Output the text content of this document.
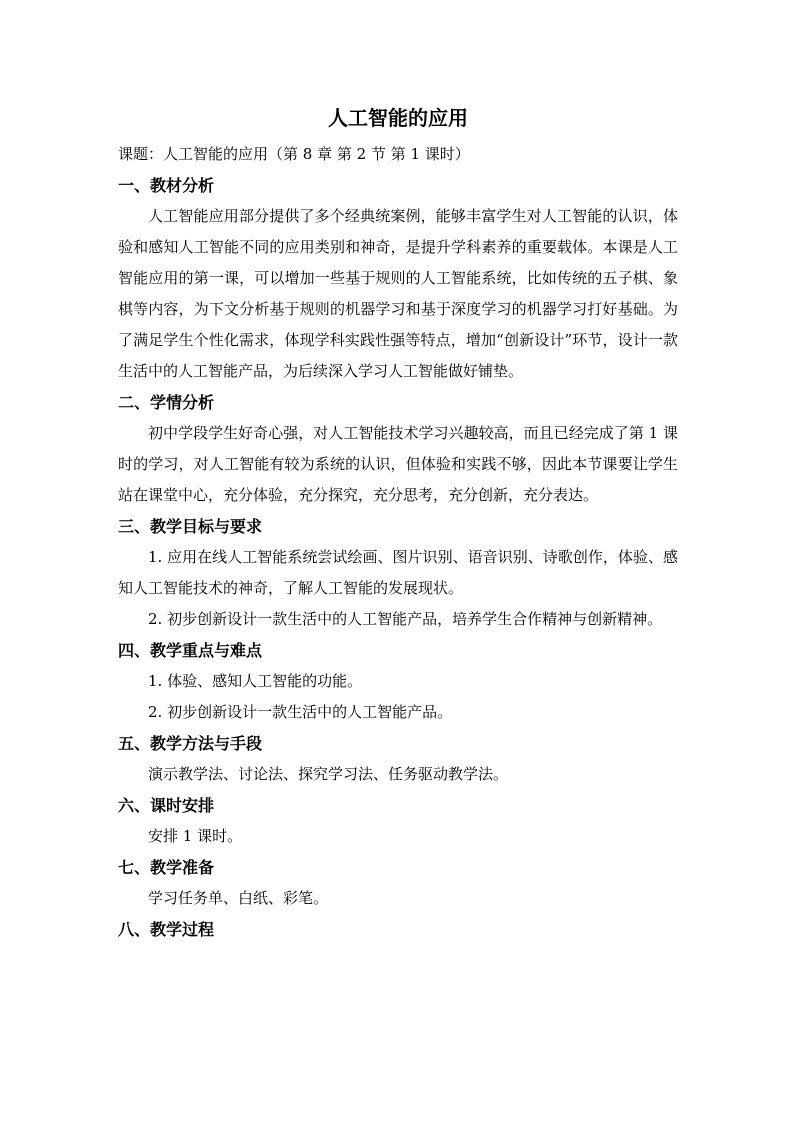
人工智能的应用

课题：人工智能的应用（第 8 章 第 2 节 第 1 课时）

一、教材分析

人工智能应用部分提供了多个经典统案例，能够丰富学生对人工智能的认识，体验和感知人工智能不同的应用类别和神奇，是提升学科素养的重要载体。本课是人工智能应用的第一课，可以增加一些基于规则的人工智能系统，比如传统的五子棋、象棋等内容，为下文分析基于规则的机器学习和基于深度学习的机器学习打好基础。为了满足学生个性化需求，体现学科实践性强等特点，增加“创新设计”环节，设计一款生活中的人工智能产品，为后续深入学习人工智能做好铺垫。

二、学情分析

初中学段学生好奇心强，对人工智能技术学习兴趣较高，而且已经完成了第 1 课时的学习，对人工智能有较为系统的认识，但体验和实践不够，因此本节课要让学生站在课堂中心，充分体验，充分探究，充分思考，充分创新，充分表达。

三、教学目标与要求

1. 应用在线人工智能系统尝试绘画、图片识别、语音识别、诗歌创作，体验、感知人工智能技术的神奇，了解人工智能的发展现状。

2. 初步创新设计一款生活中的人工智能产品，培养学生合作精神与创新精神。

四、教学重点与难点

1. 体验、感知人工智能的功能。

2. 初步创新设计一款生活中的人工智能产品。

五、教学方法与手段

演示教学法、讨论法、探究学习法、任务驱动教学法。

六、课时安排

安排 1 课时。

七、教学准备

学习任务单、白纸、彩笔。

八、教学过程
